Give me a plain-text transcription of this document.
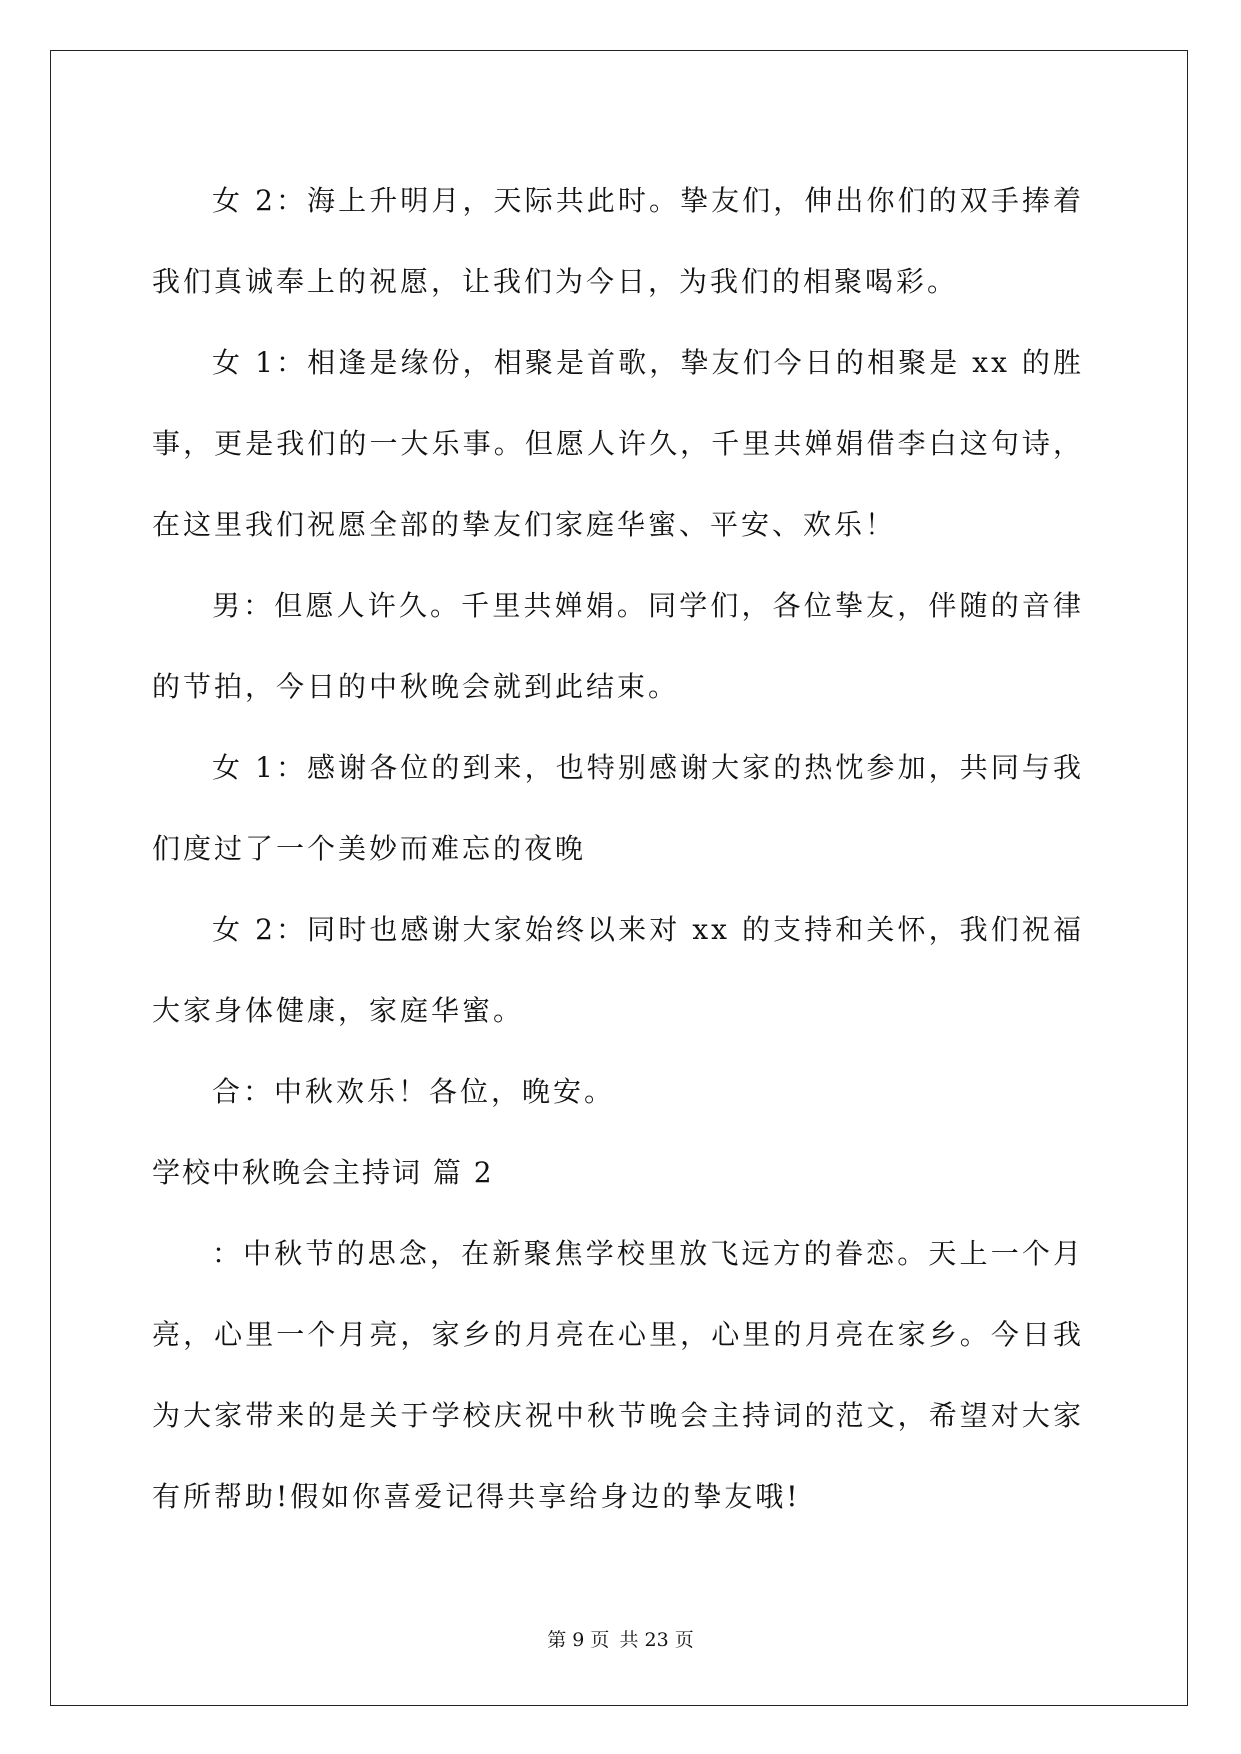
女 2：海上升明月，天际共此时。挚友们，伸出你们的双手捧着我们真诚奉上的祝愿，让我们为今日，为我们的相聚喝彩。

女 1：相逢是缘份，相聚是首歌，挚友们今日的相聚是 xx 的胜事，更是我们的一大乐事。但愿人许久，千里共婵娟借李白这句诗，在这里我们祝愿全部的挚友们家庭华蜜、平安、欢乐！

男：但愿人许久。千里共婵娟。同学们，各位挚友，伴随的音律的节拍，今日的中秋晚会就到此结束。

女 1：感谢各位的到来，也特别感谢大家的热忱参加，共同与我们度过了一个美妙而难忘的夜晚

女 2：同时也感谢大家始终以来对 xx 的支持和关怀，我们祝福大家身体健康，家庭华蜜。

合：中秋欢乐！各位，晚安。

学校中秋晚会主持词 篇 2

：中秋节的思念，在新聚焦学校里放飞远方的眷恋。天上一个月亮，心里一个月亮，家乡的月亮在心里，心里的月亮在家乡。今日我为大家带来的是关于学校庆祝中秋节晚会主持词的范文，希望对大家有所帮助!假如你喜爱记得共享给身边的挚友哦!

第 9 页 共 23 页
